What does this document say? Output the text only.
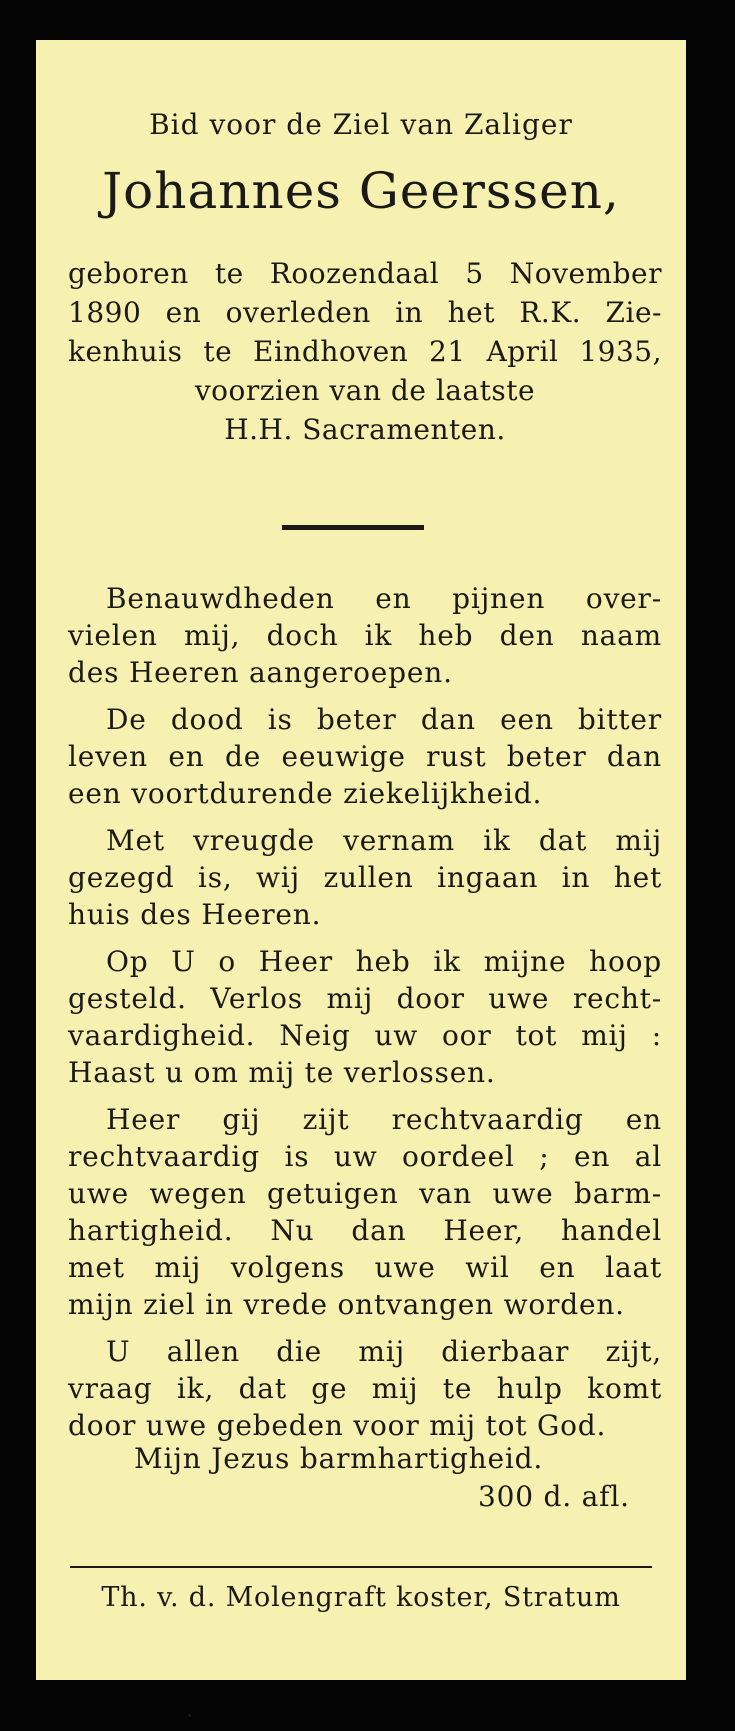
Bid voor de Ziel van Zaliger
Johannes Geerssen,
geboren te Roozendaal 5 November
1890 en overleden in het R.K. Zie-
kenhuis te Eindhoven 21 April 1935,
voorzien van de laatste
H.H. Sacramenten.

Benauwdheden en pijnen over-
vielen mij, doch ik heb den naam
des Heeren aangeroepen.

De dood is beter dan een bitter
leven en de eeuwige rust beter dan
een voortdurende ziekelijkheid.

Met vreugde vernam ik dat mij
gezegd is, wij zullen ingaan in het
huis des Heeren.

Op U o Heer heb ik mijne hoop
gesteld. Verlos mij door uwe recht-
vaardigheid. Neig uw oor tot mij :
Haast u om mij te verlossen.

Heer gij zijt rechtvaardig en
rechtvaardig is uw oordeel ; en al
uwe wegen getuigen van uwe barm-
hartigheid. Nu dan Heer, handel
met mij volgens uwe wil en laat
mijn ziel in vrede ontvangen worden.

U allen die mij dierbaar zijt,
vraag ik, dat ge mij te hulp komt
door uwe gebeden voor mij tot God.

Mijn Jezus barmhartigheid.
300 d. afl.
Th. v. d. Molengraft koster, Stratum
